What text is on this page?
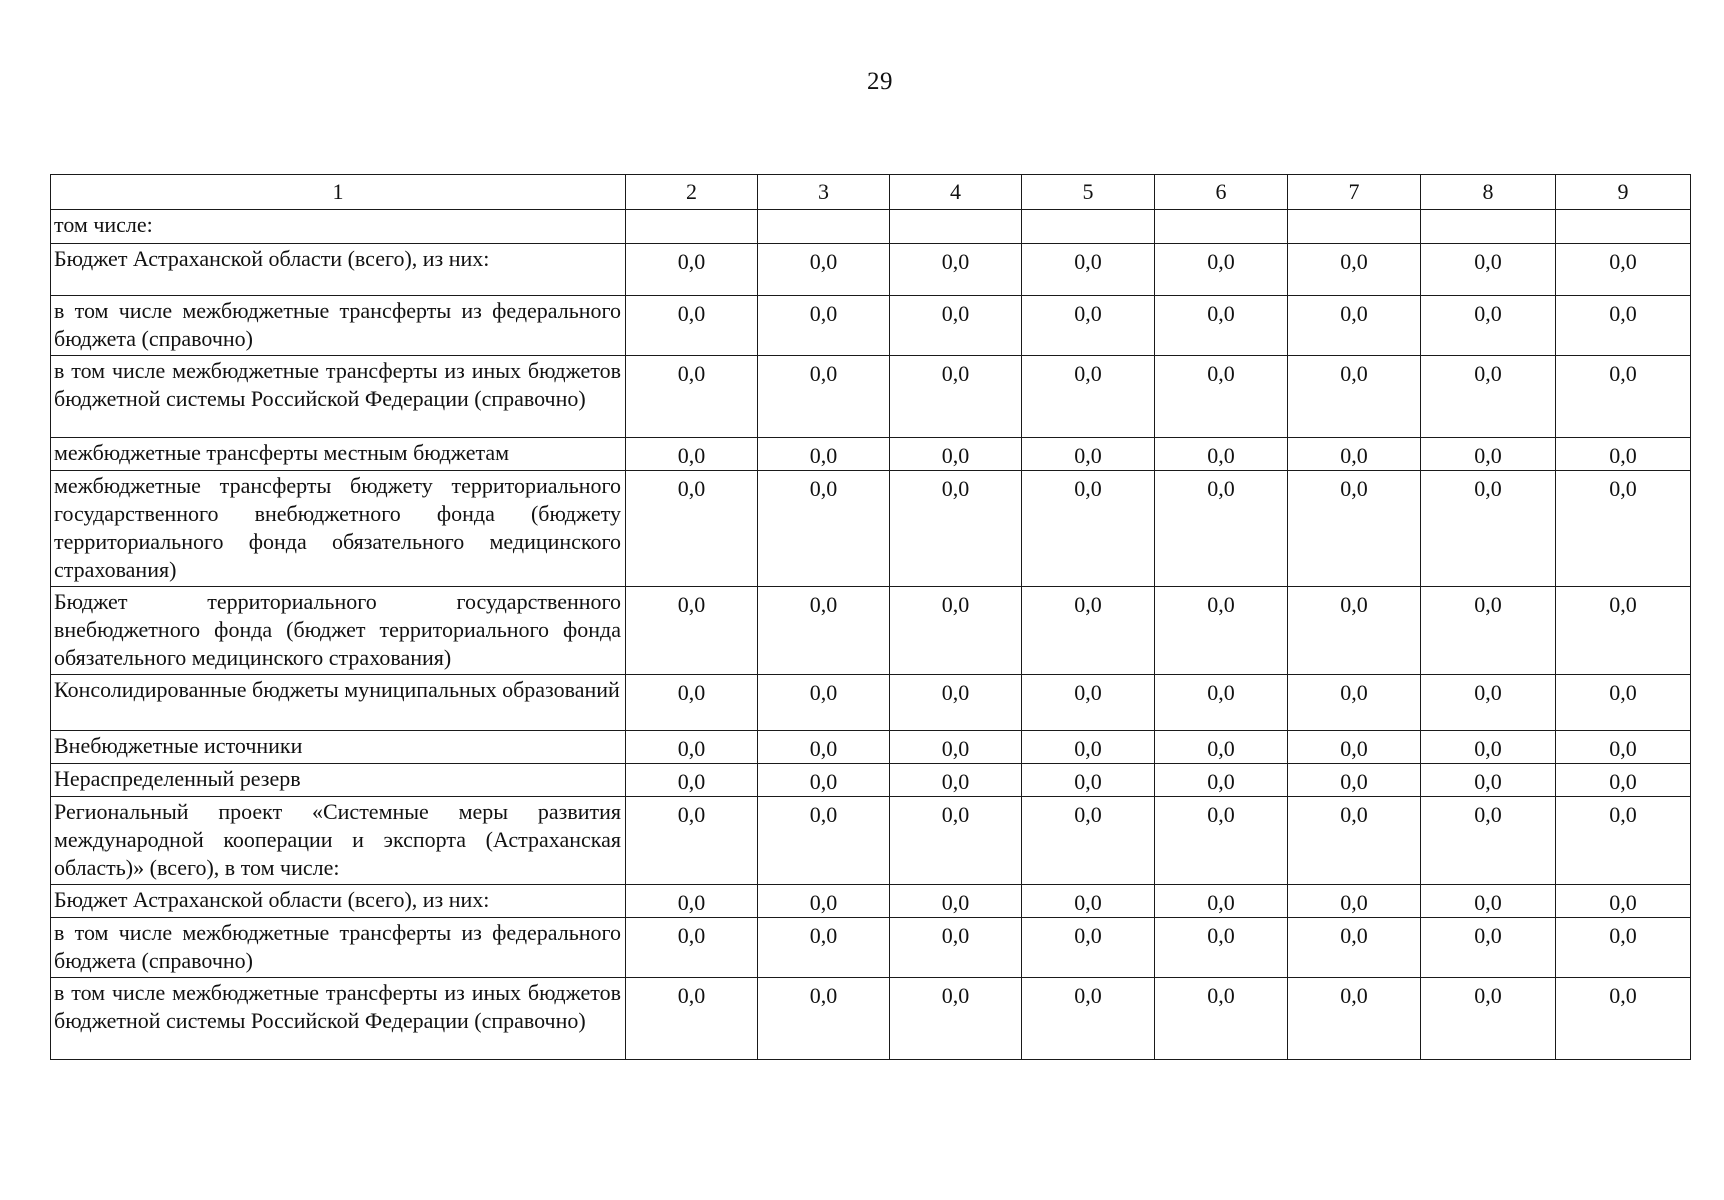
29
1	2	3	4	5	6	7	8	9
том числе:								
Бюджет Астраханской области (всего), из них:	0,0	0,0	0,0	0,0	0,0	0,0	0,0	0,0
в том числе межбюджетные трансферты из федерального бюджета (справочно)	0,0	0,0	0,0	0,0	0,0	0,0	0,0	0,0
в том числе межбюджетные трансферты из иных бюджетов бюджетной системы Российской Федерации (справочно)	0,0	0,0	0,0	0,0	0,0	0,0	0,0	0,0
межбюджетные трансферты местным бюджетам	0,0	0,0	0,0	0,0	0,0	0,0	0,0	0,0
межбюджетные трансферты бюджету территориального государственного внебюджетного фонда (бюджету территориального фонда обязательного медицинского страхования)	0,0	0,0	0,0	0,0	0,0	0,0	0,0	0,0
Бюджет территориального государственного внебюджетного фонда (бюджет территориального фонда обязательного медицинского страхования)	0,0	0,0	0,0	0,0	0,0	0,0	0,0	0,0
Консолидированные бюджеты муниципальных образований	0,0	0,0	0,0	0,0	0,0	0,0	0,0	0,0
Внебюджетные источники	0,0	0,0	0,0	0,0	0,0	0,0	0,0	0,0
Нераспределенный резерв	0,0	0,0	0,0	0,0	0,0	0,0	0,0	0,0
Региональный проект «Системные меры развития международной кооперации и экспорта (Астраханская область)» (всего), в том числе:	0,0	0,0	0,0	0,0	0,0	0,0	0,0	0,0
Бюджет Астраханской области (всего), из них:	0,0	0,0	0,0	0,0	0,0	0,0	0,0	0,0
в том числе межбюджетные трансферты из федерального бюджета (справочно)	0,0	0,0	0,0	0,0	0,0	0,0	0,0	0,0
в том числе межбюджетные трансферты из иных бюджетов бюджетной системы Российской Федерации (справочно)	0,0	0,0	0,0	0,0	0,0	0,0	0,0	0,0
